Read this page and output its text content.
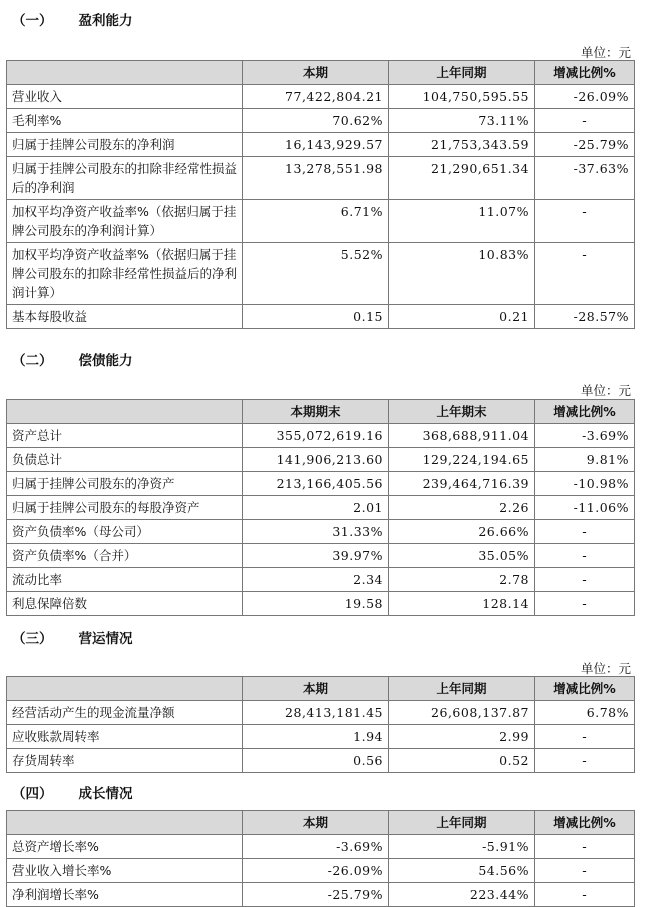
（一） 盈利能力
单位：元
	本期	上年同期	增减比例%
营业收入	77,422,804.21	104,750,595.55	-26.09%
毛利率%	70.62%	73.11%	-
归属于挂牌公司股东的净利润	16,143,929.57	21,753,343.59	-25.79%
归属于挂牌公司股东的扣除非经常性损益后的净利润	13,278,551.98	21,290,651.34	-37.63%
加权平均净资产收益率%（依据归属于挂牌公司股东的净利润计算）	6.71%	11.07%	-
加权平均净资产收益率%（依据归属于挂牌公司股东的扣除非经常性损益后的净利润计算）	5.52%	10.83%	-
基本每股收益	0.15	0.21	-28.57%
（二） 偿债能力
单位：元
	本期期末	上年期末	增减比例%
资产总计	355,072,619.16	368,688,911.04	-3.69%
负债总计	141,906,213.60	129,224,194.65	9.81%
归属于挂牌公司股东的净资产	213,166,405.56	239,464,716.39	-10.98%
归属于挂牌公司股东的每股净资产	2.01	2.26	-11.06%
资产负债率%（母公司）	31.33%	26.66%	-
资产负债率%（合并）	39.97%	35.05%	-
流动比率	2.34	2.78	-
利息保障倍数	19.58	128.14	-
（三） 营运情况
单位：元
	本期	上年同期	增减比例%
经营活动产生的现金流量净额	28,413,181.45	26,608,137.87	6.78%
应收账款周转率	1.94	2.99	-
存货周转率	0.56	0.52	-
（四） 成长情况
	本期	上年同期	增减比例%
总资产增长率%	-3.69%	-5.91%	-
营业收入增长率%	-26.09%	54.56%	-
净利润增长率%	-25.79%	223.44%	-
